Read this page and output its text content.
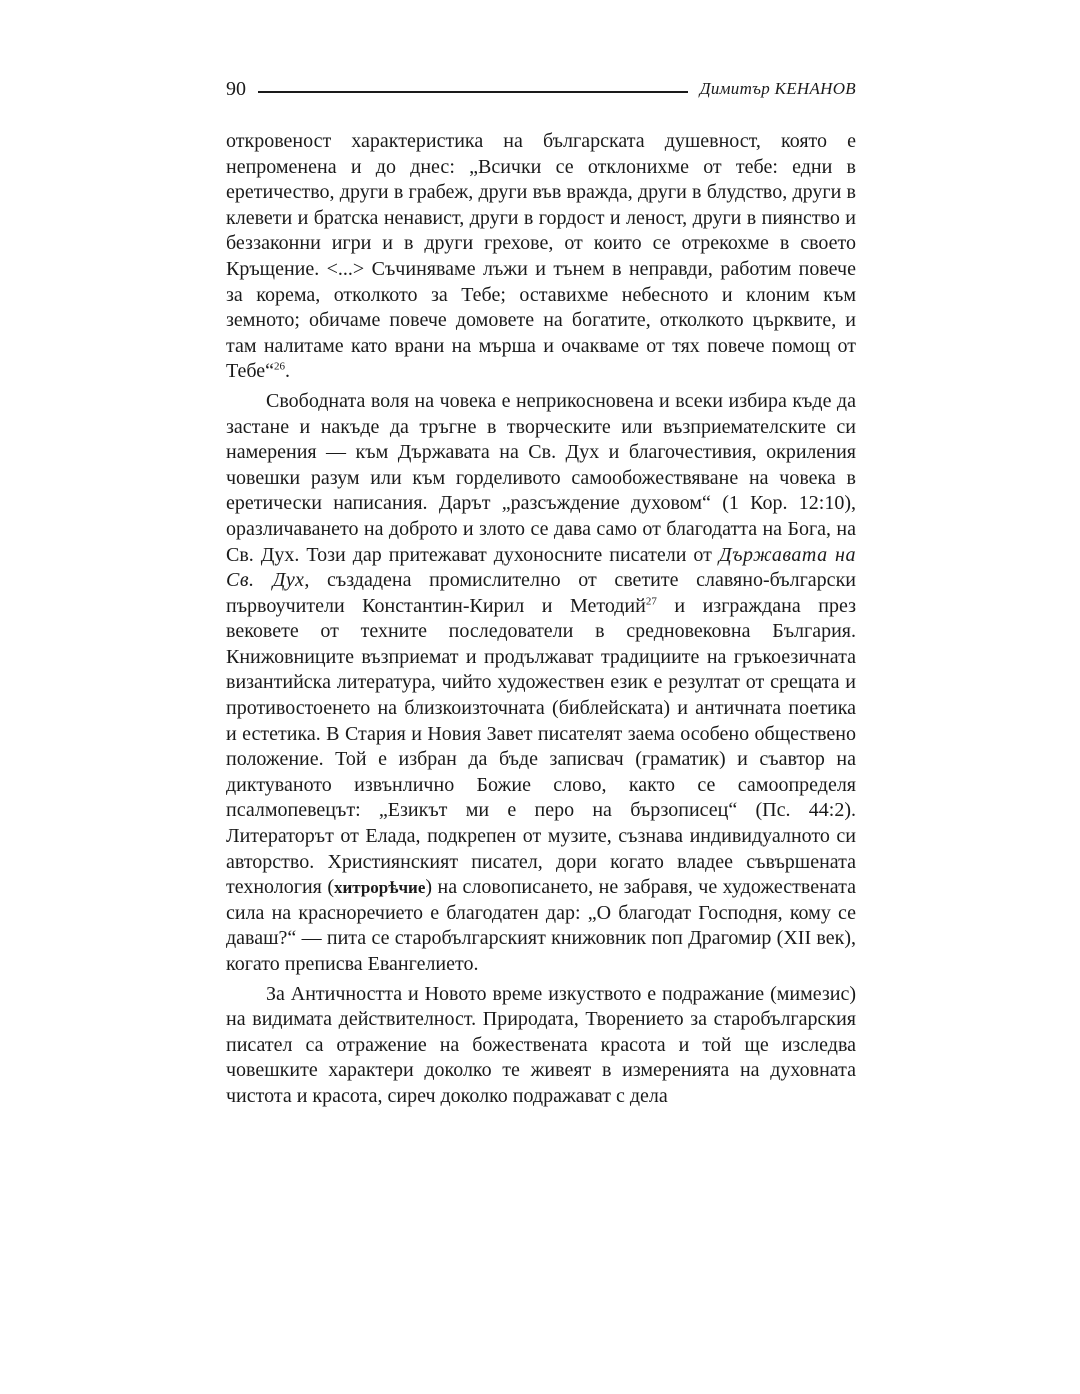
90	Димитър КЕНАНОВ

откровеност характеристика на българската душевност, която е непроменена и до днес: „Всички се отклонихме от тебе: едни в еретичество, други в грабеж, други във вражда, други в блудство, други в клевети и братска ненавист, други в гордост и леност, други в пиянство и беззаконни игри и в други грехове, от които се отрекохме в своето Кръщение. <...> Съчиняваме лъжи и тънем в неправди, работим повече за корема, отколкото за Тебе; оставихме небесното и клоним към земното; обичаме повече домовете на богатите, отколкото църквите, и там налитаме като врани на мърша и очакваме от тях повече помощ от Тебе“$^{26}$.

Свободната воля на човека е неприкосновена и всеки избира къде да застане и накъде да тръгне в творческите или възприемателските си намерения — към Държавата на Св. Дух и благочестивия, окриления човешки разум или към горделивото самообожествяване на човека в еретически написания. Дарът „разсъждение духовом“ (1 Кор. 12:10), оразличаването на доброто и злото се дава само от благодатта на Бога, на Св. Дух. Този дар притежават духоносните писатели от Държавата на Св. Дух, създадена промислително от светите славяно-български първоучители Константин-Кирил и Методий$^{27}$ и изграждана през вековете от техните последователи в средновековна България. Книжовниците възприемат и продължават традициите на гръкоезичната византийска литература, чийто художествен език е резултат от срещата и противостоенето на близкоизточната (библейската) и античната поетика и естетика. В Стария и Новия Завет писателят заема особено обществено положение. Той е избран да бъде записвач (граматик) и съавтор на диктуваното извънлично Божие слово, както се самоопределя псалмопевецът: „Езикът ми е перо на бързописец“ (Пс. 44:2). Литераторът от Елада, подкрепен от музите, съзнава индивидуалното си авторство. Християнският писател, дори когато владее съвършената технология (хитрорѣчие) на словописането, не забравя, че художествената сила на красноречието е благодатен дар: „О благодат Господня, кому се даваш?“ — пита се старобългарският книжовник поп Драгомир (XII век), когато преписва Евангелието.

За Античността и Новото време изкуството е подражание (мимезис) на видимата действителност. Природата, Творението за старобългарския писател са отражение на божествената красота и той ще изследва човешките характери доколко те живеят в измеренията на духовната чистота и красота, сиреч доколко подражават с дела
